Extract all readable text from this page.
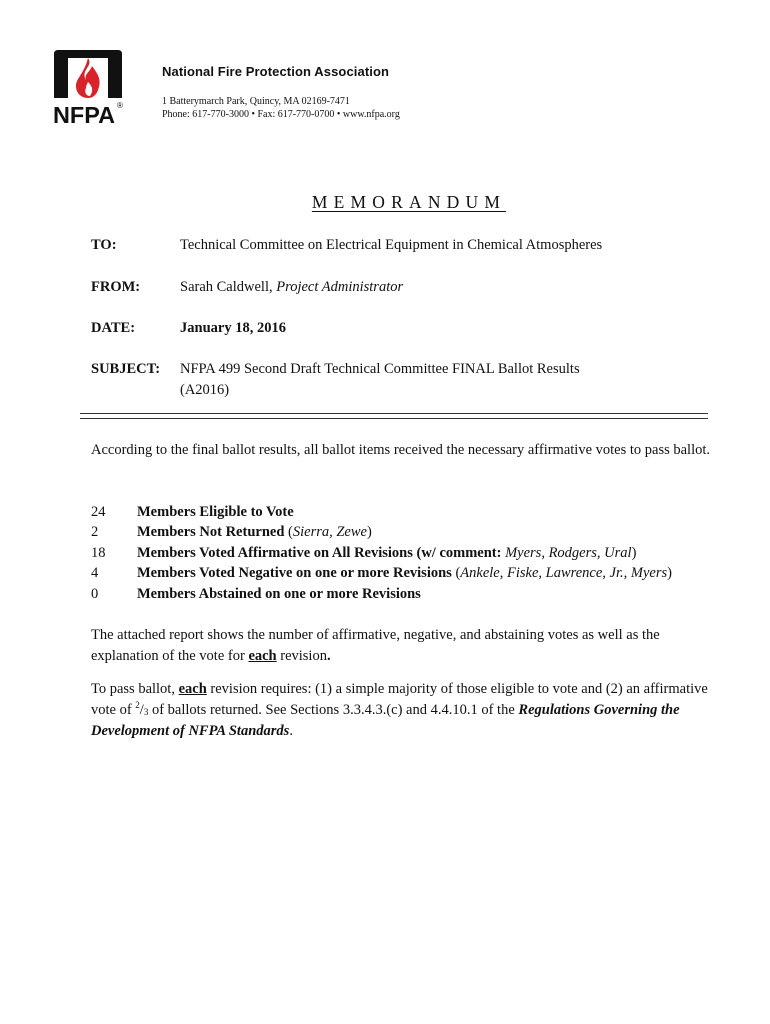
NFPA ®
National Fire Protection Association
1 Batterymarch Park, Quincy, MA 02169-7471
Phone: 617-770-3000 • Fax: 617-770-0700 • www.nfpa.org
MEMORANDUM
TO:	Technical Committee on Electrical Equipment in Chemical Atmospheres
FROM:	Sarah Caldwell, Project Administrator
DATE:	January 18, 2016
SUBJECT: NFPA 499 Second Draft Technical Committee FINAL Ballot Results
(A2016)
According to the final ballot results, all ballot items received the necessary affirmative votes to pass ballot.
24 Members Eligible to Vote
2	Members Not Returned (Sierra, Zewe)
18 Members Voted Affirmative on All Revisions (w/ comment: Myers, Rodgers, Ural)
4	Members Voted Negative on one or more Revisions (Ankele, Fiske, Lawrence, Jr., Myers)
0	Members Abstained on one or more Revisions
The attached report shows the number of affirmative, negative, and abstaining votes as well as the explanation of the vote for each revision.
To pass ballot, each revision requires: (1) a simple majority of those eligible to vote and (2) an affirmative vote of $^2/_3$ of ballots returned. See Sections 3.3.4.3.(c) and 4.4.10.1 of the Regulations Governing the Development of NFPA Standards.
